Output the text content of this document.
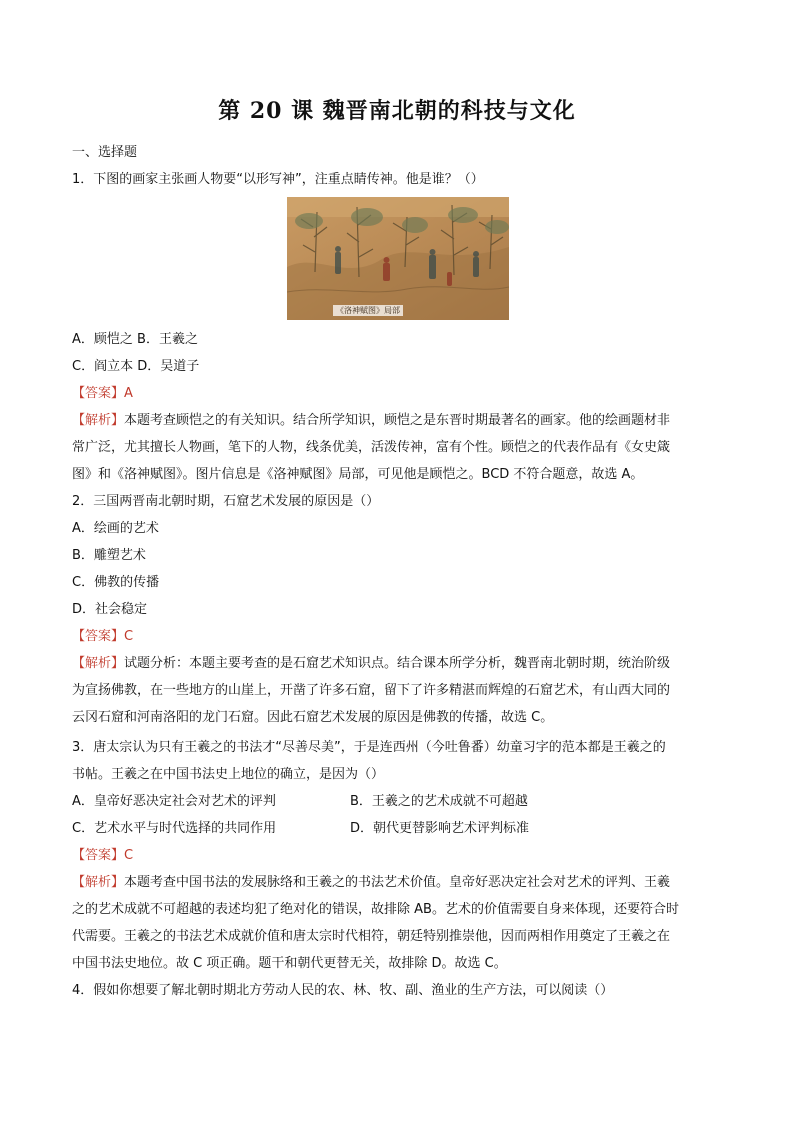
第 20 课 魏晋南北朝的科技与文化
一、选择题
1．下图的画家主张画人物要“以形写神”，注重点睛传神。他是谁？（）
《洛神赋图》局部
A．顾恺之 B．王羲之
C．阎立本 D．吴道子
【答案】A
【解析】本题考查顾恺之的有关知识。结合所学知识，顾恺之是东晋时期最著名的画家。他的绘画题材非
常广泛，尤其擅长人物画，笔下的人物，线条优美，活泼传神，富有个性。顾恺之的代表作品有《女史箴
图》和《洛神赋图》。图片信息是《洛神赋图》局部，可见他是顾恺之。BCD 不符合题意，故选 A。
2．三国两晋南北朝时期，石窟艺术发展的原因是（）
A．绘画的艺术
B．雕塑艺术
C．佛教的传播
D．社会稳定
【答案】C
【解析】试题分析：本题主要考查的是石窟艺术知识点。结合课本所学分析，魏晋南北朝时期，统治阶级
为宣扬佛教，在一些地方的山崖上，开凿了许多石窟，留下了许多精湛而辉煌的石窟艺术，有山西大同的
云冈石窟和河南洛阳的龙门石窟。因此石窟艺术发展的原因是佛教的传播，故选 C。
3．唐太宗认为只有王羲之的书法才“尽善尽美”，于是连西州（今吐鲁番）幼童习字的范本都是王羲之的
书帖。王羲之在中国书法史上地位的确立，是因为（）
A．皇帝好恶决定社会对艺术的评判	B．王羲之的艺术成就不可超越
C．艺术水平与时代选择的共同作用	D．朝代更替影响艺术评判标准
【答案】C
【解析】本题考查中国书法的发展脉络和王羲之的书法艺术价值。皇帝好恶决定社会对艺术的评判、王羲
之的艺术成就不可超越的表述均犯了绝对化的错误，故排除 AB。艺术的价值需要自身来体现，还要符合时
代需要。王羲之的书法艺术成就价值和唐太宗时代相符，朝廷特别推崇他，因而两相作用奠定了王羲之在
中国书法史地位。故 C 项正确。题干和朝代更替无关，故排除 D。故选 C。
4．假如你想要了解北朝时期北方劳动人民的农、林、牧、副、渔业的生产方法，可以阅读（）
